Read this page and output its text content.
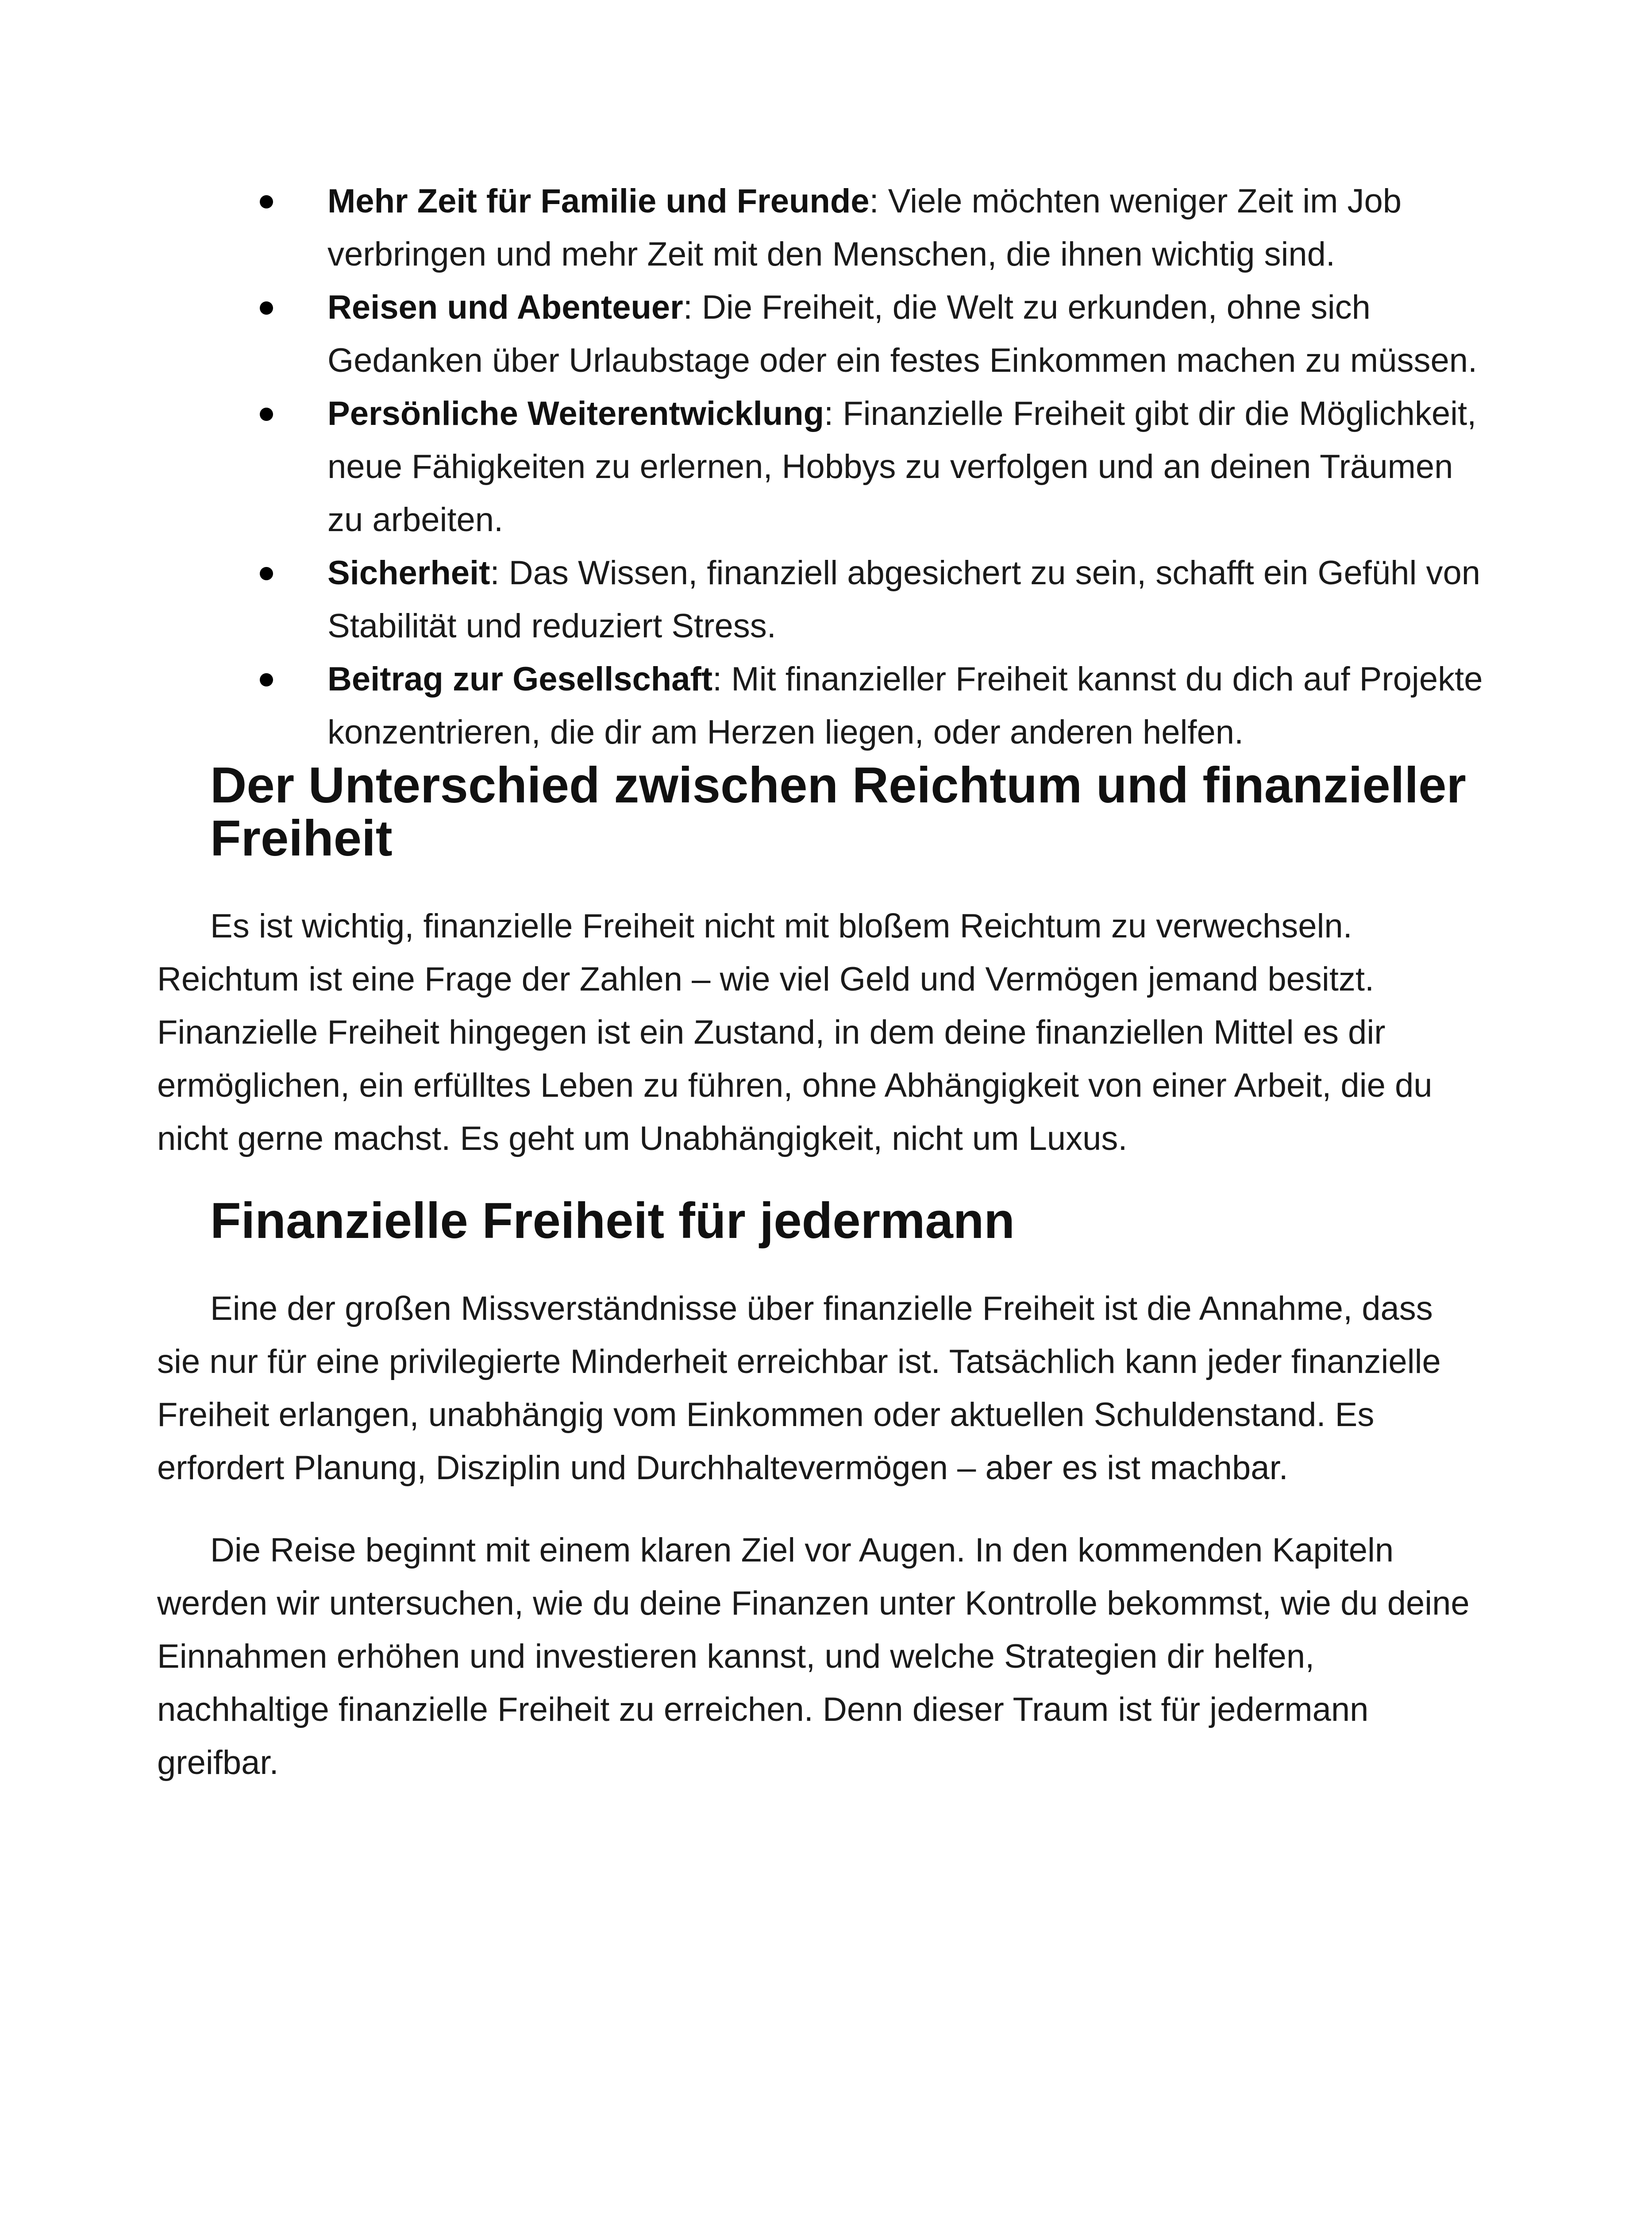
Mehr Zeit für Familie und Freunde: Viele möchten weniger Zeit im Job verbringen und mehr Zeit mit den Menschen, die ihnen wichtig sind.
Reisen und Abenteuer: Die Freiheit, die Welt zu erkunden, ohne sich Gedanken über Urlaubstage oder ein festes Einkommen machen zu müssen.
Persönliche Weiterentwicklung: Finanzielle Freiheit gibt dir die Möglichkeit, neue Fähigkeiten zu erlernen, Hobbys zu verfolgen und an deinen Träumen zu arbeiten.
Sicherheit: Das Wissen, finanziell abgesichert zu sein, schafft ein Gefühl von Stabilität und reduziert Stress.
Beitrag zur Gesellschaft: Mit finanzieller Freiheit kannst du dich auf Projekte konzentrieren, die dir am Herzen liegen, oder anderen helfen.
Der Unterschied zwischen Reichtum und finanzieller Freiheit

Es ist wichtig, finanzielle Freiheit nicht mit bloßem Reichtum zu verwechseln. Reichtum ist eine Frage der Zahlen – wie viel Geld und Vermögen jemand besitzt. Finanzielle Freiheit hingegen ist ein Zustand, in dem deine finanziellen Mittel es dir ermöglichen, ein erfülltes Leben zu führen, ohne Abhängigkeit von einer Arbeit, die du nicht gerne machst. Es geht um Unabhängigkeit, nicht um Luxus.

Finanzielle Freiheit für jedermann

Eine der großen Missverständnisse über finanzielle Freiheit ist die Annahme, dass sie nur für eine privilegierte Minderheit erreichbar ist. Tatsächlich kann jeder finanzielle Freiheit erlangen, unabhängig vom Einkommen oder aktuellen Schuldenstand. Es erfordert Planung, Disziplin und Durchhaltevermögen – aber es ist machbar.

Die Reise beginnt mit einem klaren Ziel vor Augen. In den kommenden Kapiteln werden wir untersuchen, wie du deine Finanzen unter Kontrolle bekommst, wie du deine Einnahmen erhöhen und investieren kannst, und welche Strategien dir helfen, nachhaltige finanzielle Freiheit zu erreichen. Denn dieser Traum ist für jedermann greifbar.
